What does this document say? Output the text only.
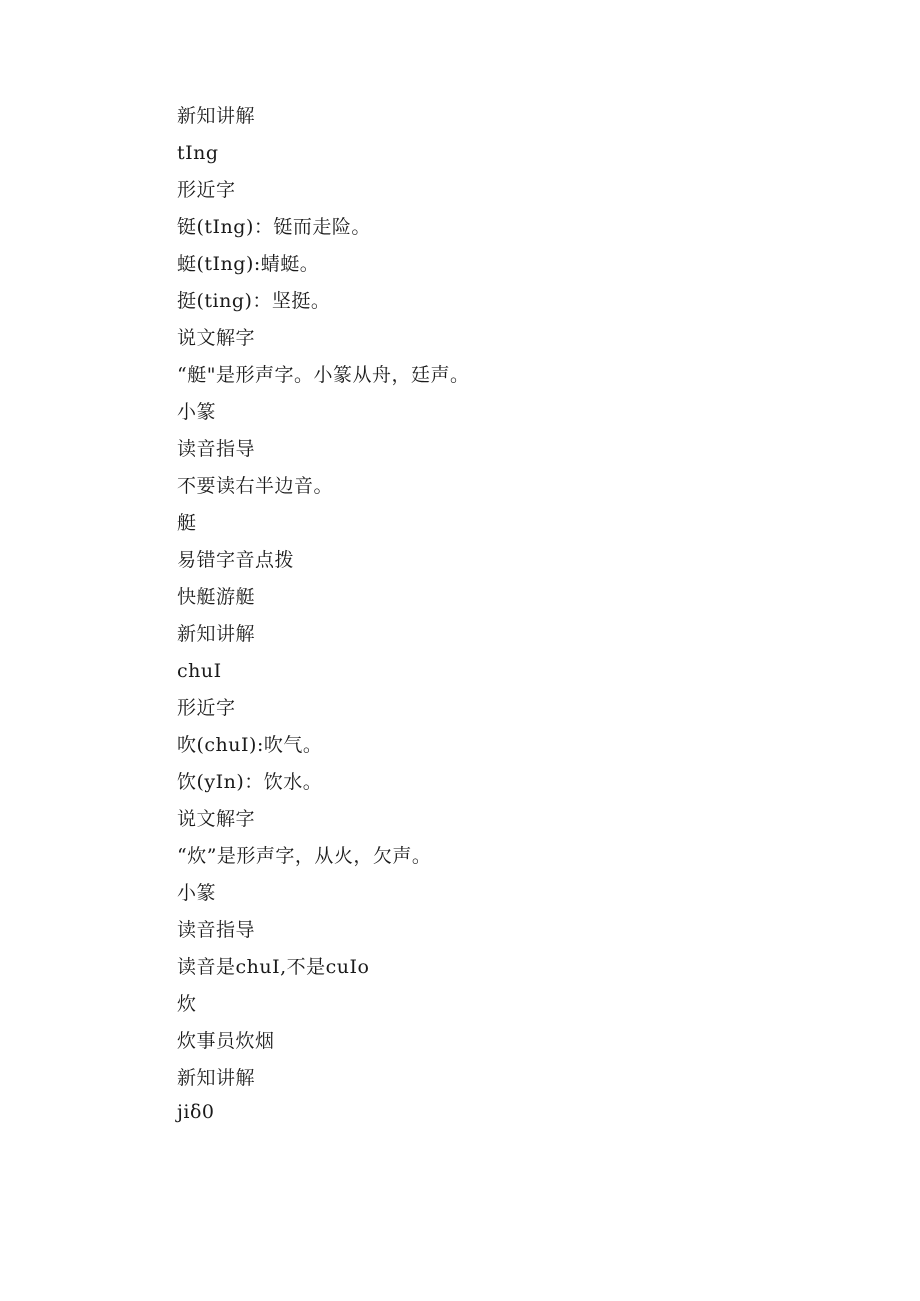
新知讲解
tIng
形近字
铤(tIng)：铤而走险。
蜓(tIng):蜻蜓。
挺(ting)：坚挺。
说文解字
“艇"是形声字。小篆从舟，廷声。
小篆
读音指导
不要读右半边音。
艇
易错字音点拨
快艇游艇
新知讲解
chuI
形近字
吹(chuI):吹气。
饮(yIn)：饮水。
说文解字
“炊”是形声字，从火，欠声。
小篆
读音指导
读音是chuI,不是cuIo
炊
炊事员炊烟
新知讲解
jiδ0
